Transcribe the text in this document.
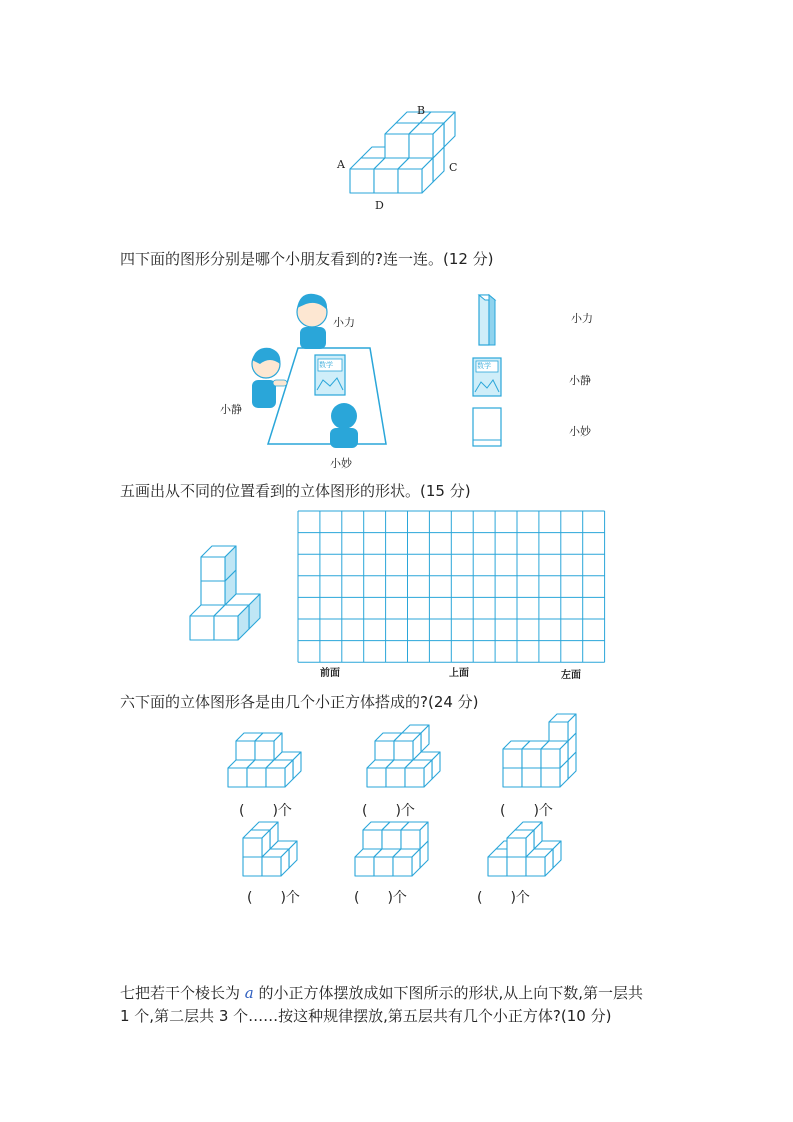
B
A	C
D
四下面的图形分别是哪个小朋友看到的?连一连。(12 分)
小力
小静
小妙
数学	数学
小力
小静
小妙
五画出从不同的位置看到的立体图形的形状。(15 分)
前面	上面	左面
六下面的立体图形各是由几个小正方体搭成的?(24 分)
(　　)个	(　　)个	(　　)个
(　　)个	(　　)个	(　　)个
七把若干个棱长为 a 的小正方体摆放成如下图所示的形状,从上向下数,第一层共
1 个,第二层共 3 个……按这种规律摆放,第五层共有几个小正方体?(10 分)
